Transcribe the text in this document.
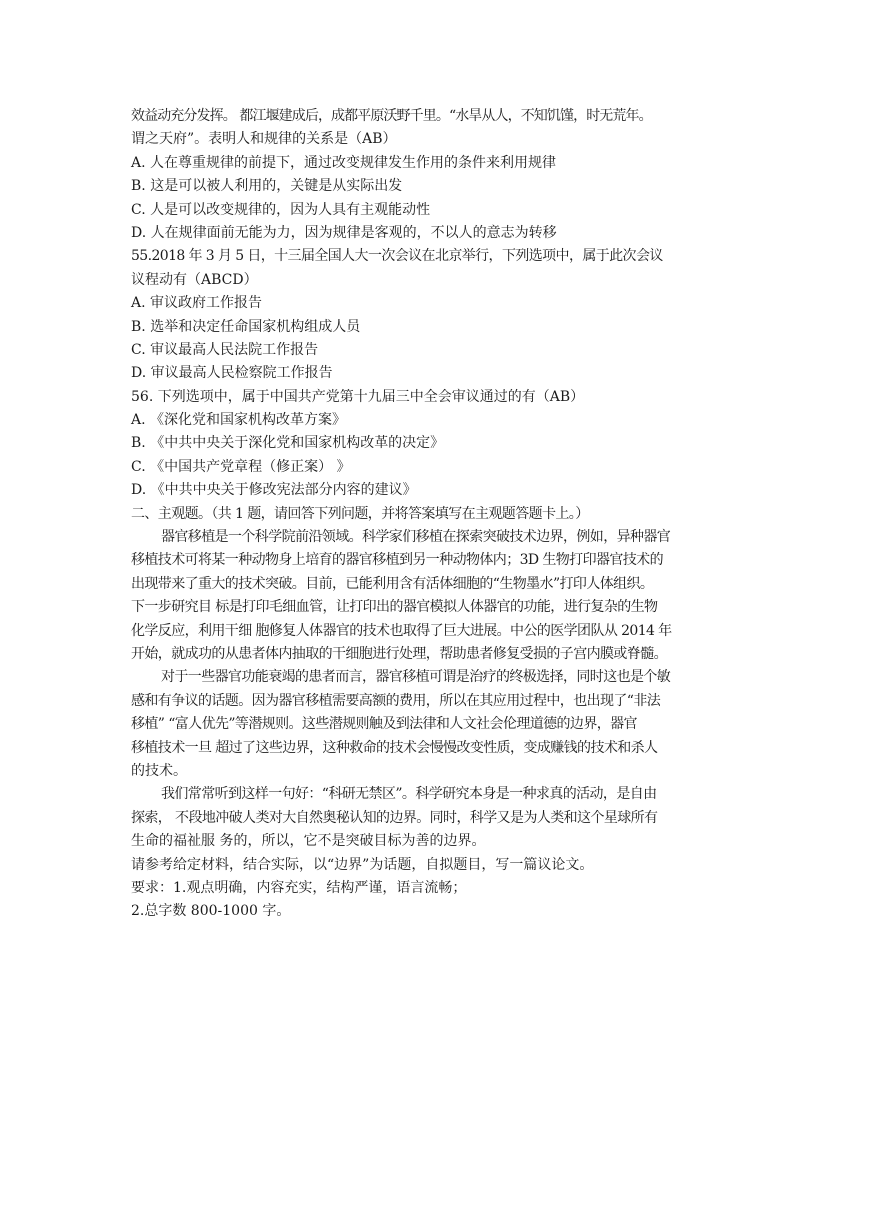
效益动充分发挥。 都江堰建成后，成都平原沃野千里。“水旱从人，不知饥馑，时无荒年。
谓之天府”。表明人和规律的关系是（AB）
A. 人在尊重规律的前提下，通过改变规律发生作用的条件来利用规律
B. 这是可以被人利用的，关键是从实际出发
C. 人是可以改变规律的，因为人具有主观能动性
D. 人在规律面前无能为力，因为规律是客观的，不以人的意志为转移
55.2018 年 3 月 5 日，十三届全国人大一次会议在北京举行，下列选项中，属于此次会议
议程动有（ABCD）
A. 审议政府工作报告
B. 选举和决定任命国家机构组成人员
C. 审议最高人民法院工作报告
D. 审议最高人民检察院工作报告
56. 下列选项中，属于中国共产党第十九届三中全会审议通过的有（AB）
A. 《深化党和国家机构改革方案》
B. 《中共中央关于深化党和国家机构改革的决定》
C. 《中国共产党章程（修正案） 》
D. 《中共中央关于修改宪法部分内容的建议》
二、主观题。（共 1 题，请回答下列问题，并将答案填写在主观题答题卡上。）
器官移植是一个科学院前沿领域。科学家们移植在探索突破技术边界，例如，异种器官
移植技术可将某一种动物身上培育的器官移植到另一种动物体内；3D 生物打印器官技术的
出现带来了重大的技术突破。目前，已能利用含有活体细胞的“生物墨水”打印人体组织。
下一步研究目 标是打印毛细血管，让打印出的器官模拟人体器官的功能，进行复杂的生物
化学反应，利用干细 胞修复人体器官的技术也取得了巨大进展。中公的医学团队从 2014 年
开始，就成功的从患者体内抽取的干细胞进行处理，帮助患者修复受损的子宫内膜或脊髓。
对于一些器官功能衰竭的患者而言，器官移植可谓是治疗的终极选择，同时这也是个敏
感和有争议的话题。因为器官移植需要高额的费用，所以在其应用过程中，也出现了“非法
移植” “富人优先”等潜规则。这些潜规则触及到法律和人文社会伦理道德的边界，器官
移植技术一旦 超过了这些边界，这种救命的技术会慢慢改变性质，变成赚钱的技术和杀人
的技术。
我们常常听到这样一句好：“科研无禁区”。科学研究本身是一种求真的活动，是自由
探索， 不段地冲破人类对大自然奥秘认知的边界。同时，科学又是为人类和这个星球所有
生命的福祉服 务的，所以，它不是突破目标为善的边界。
请参考给定材料，结合实际，以“边界”为话题，自拟题目，写一篇议论文。
要求：1.观点明确，内容充实，结构严谨，语言流畅；
2.总字数 800-1000 字。
